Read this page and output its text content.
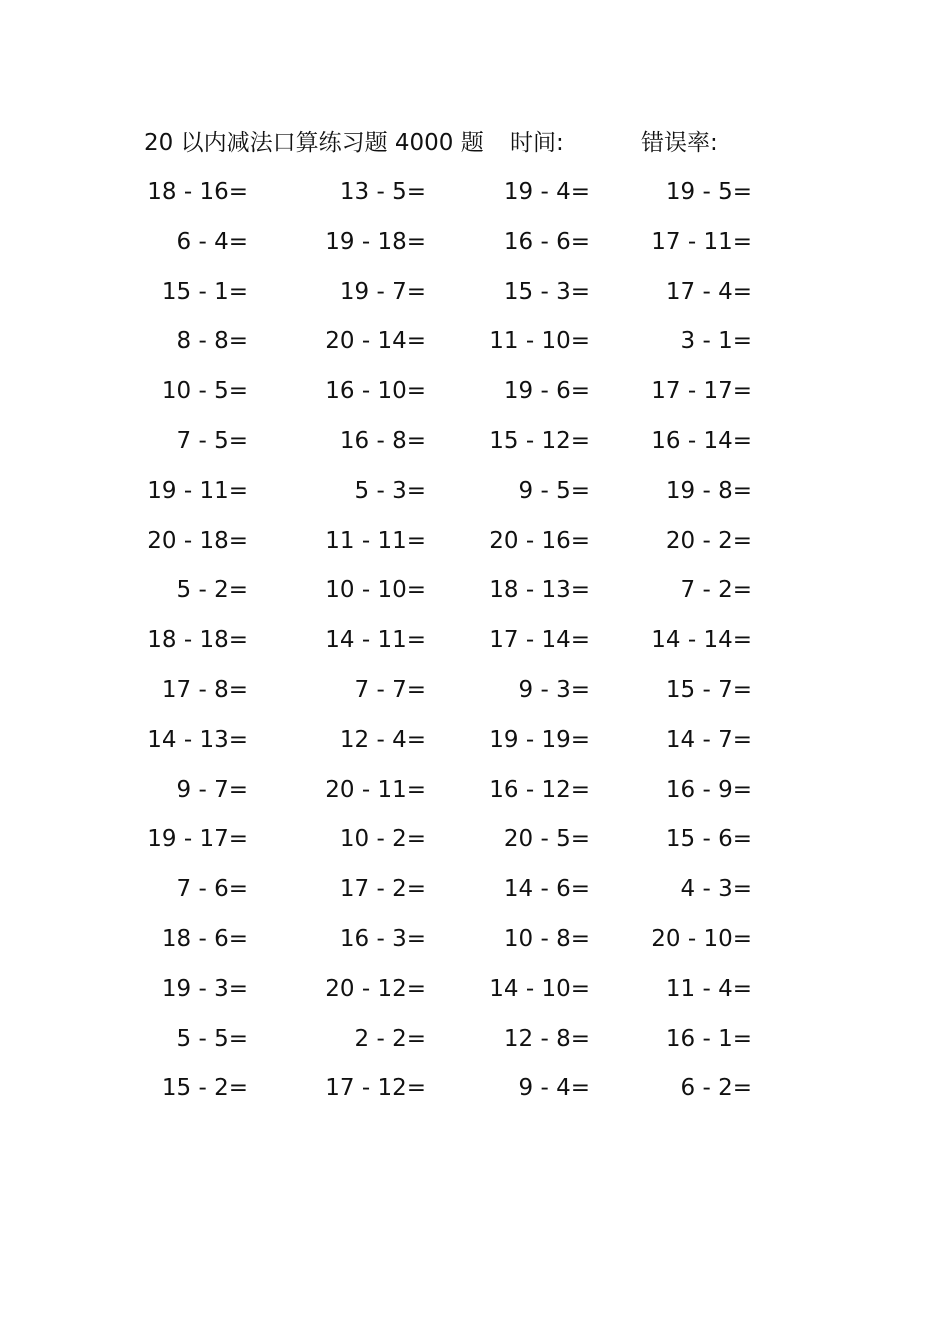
20 以内减法口算练习题 4000 题 时间:	错误率:
18 - 16=	13 - 5=	19 - 4=	19 - 5=
6 - 4=	19 - 18=	16 - 6=	17 - 11=
15 - 1=	19 - 7=	15 - 3=	17 - 4=
8 - 8=	20 - 14=	11 - 10=	3 - 1=
10 - 5=	16 - 10=	19 - 6=	17 - 17=
7 - 5=	16 - 8=	15 - 12=	16 - 14=
19 - 11=	5 - 3=	9 - 5=	19 - 8=
20 - 18=	11 - 11=	20 - 16=	20 - 2=
5 - 2=	10 - 10=	18 - 13=	7 - 2=
18 - 18=	14 - 11=	17 - 14=	14 - 14=
17 - 8=	7 - 7=	9 - 3=	15 - 7=
14 - 13=	12 - 4=	19 - 19=	14 - 7=
9 - 7=	20 - 11=	16 - 12=	16 - 9=
19 - 17=	10 - 2=	20 - 5=	15 - 6=
7 - 6=	17 - 2=	14 - 6=	4 - 3=
18 - 6=	16 - 3=	10 - 8=	20 - 10=
19 - 3=	20 - 12=	14 - 10=	11 - 4=
5 - 5=	2 - 2=	12 - 8=	16 - 1=
15 - 2=	17 - 12=	9 - 4=	6 - 2=
